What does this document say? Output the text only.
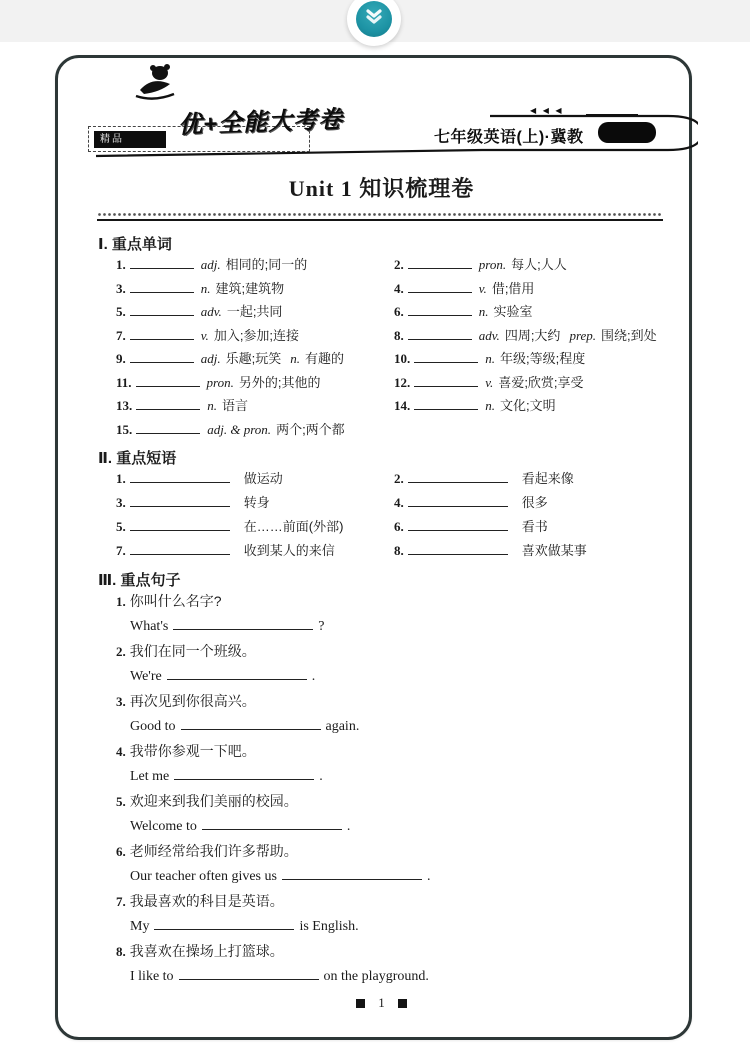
精品
优+全能大考卷	◀ ◀ ◀
七年级英语(上)·冀教
Unit 1 知识梳理卷
Ⅰ. 重点单词
1.	adj. 相同的;同一的	2.	pron. 每人;人人
3.	n. 建筑;建筑物	4.	v. 借;借用
5.	adv. 一起;共同	6.	n. 实验室
7.	v. 加入;参加;连接	8.	adv. 四周;大约 prep. 围绕;到处
9.	adj. 乐趣;玩笑 n. 有趣的	10.	n. 年级;等级;程度
11.	pron. 另外的;其他的	12.	v. 喜爱;欣赏;享受
13.	n. 语言	14.	n. 文化;文明
15.	adj. & pron. 两个;两个都
Ⅱ. 重点短语
1.	做运动	2.	看起来像
3.	转身	4.	很多
5.	在……前面(外部)	6.	看书
7.	收到某人的来信	8.	喜欢做某事
Ⅲ. 重点句子
1. 你叫什么名字?
What's	?
2. 我们在同一个班级。
We're	.
3. 再次见到你很高兴。
Good to	again.
4. 我带你参观一下吧。
Let me	.
5. 欢迎来到我们美丽的校园。
Welcome to	.
6. 老师经常给我们许多帮助。
Our teacher often gives us	.
7. 我最喜欢的科目是英语。
My	is English.
8. 我喜欢在操场上打篮球。
I like to	on the playground.
1
